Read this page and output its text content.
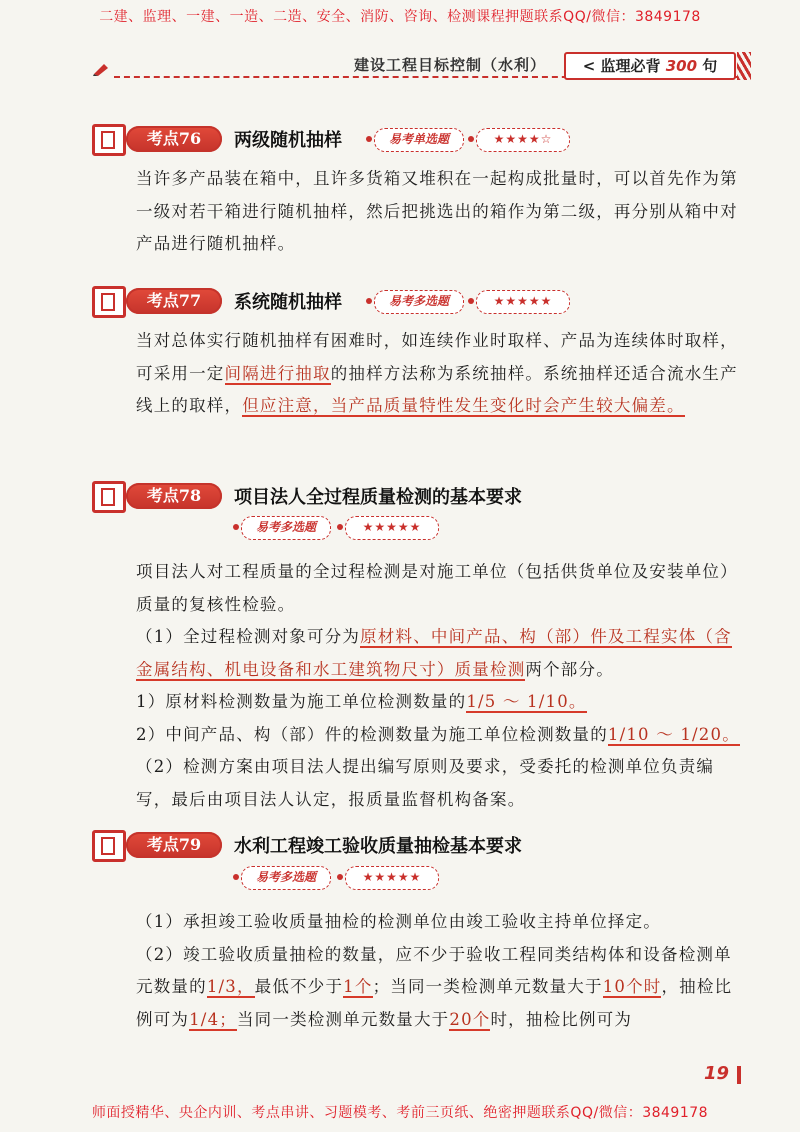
二建、监理、一建、一造、二造、安全、消防、咨询、检测课程押题联系QQ/微信：3849178
建设工程目标控制（水利）	< 监理必背 300 句
考点76	两级随机抽样	易考单选题	★★★★☆

当许多产品装在箱中，且许多货箱又堆积在一起构成批量时，可以首先作为第一级对若干箱进行随机抽样，然后把挑选出的箱作为第二级，再分别从箱中对产品进行随机抽样。

考点77	系统随机抽样	易考多选题	★★★★★

当对总体实行随机抽样有困难时，如连续作业时取样、产品为连续体时取样，可采用一定间隔进行抽取的抽样方法称为系统抽样。系统抽样还适合流水生产线上的取样，但应注意，当产品质量特性发生变化时会产生较大偏差。

考点78	项目法人全过程质量检测的基本要求
易考多选题	★★★★★

项目法人对工程质量的全过程检测是对施工单位（包括供货单位及安装单位）质量的复核性检验。

（1）全过程检测对象可分为原材料、中间产品、构（部）件及工程实体（含金属结构、机电设备和水工建筑物尺寸）质量检测两个部分。

1）原材料检测数量为施工单位检测数量的1/5 ～ 1/10。

2）中间产品、构（部）件的检测数量为施工单位检测数量的1/10 ～ 1/20。

（2）检测方案由项目法人提出编写原则及要求，受委托的检测单位负责编写，最后由项目法人认定，报质量监督机构备案。

考点79	水利工程竣工验收质量抽检基本要求
易考多选题	★★★★★

（1）承担竣工验收质量抽检的检测单位由竣工验收主持单位择定。

（2）竣工验收质量抽检的数量，应不少于验收工程同类结构体和设备检测单元数量的1/3，最低不少于1个；当同一类检测单元数量大于10个时，抽检比例可为1/4；当同一类检测单元数量大于20个时，抽检比例可为

19
师面授精华、央企内训、考点串讲、习题模考、考前三页纸、绝密押题联系QQ/微信：3849178
